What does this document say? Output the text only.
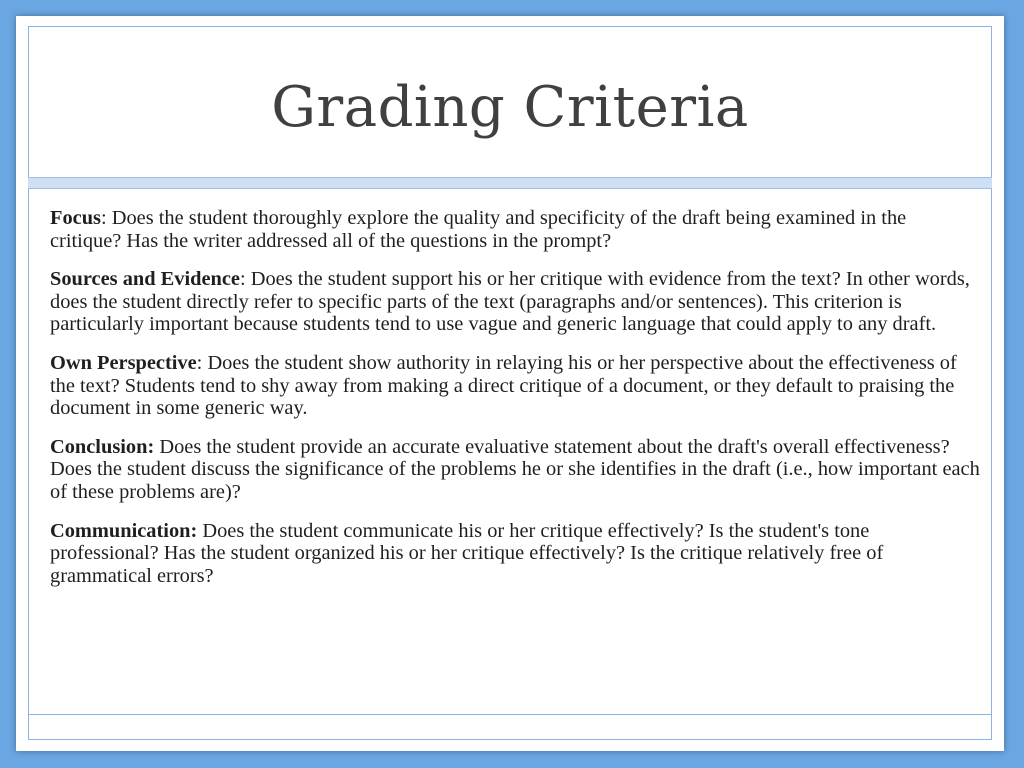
Grading Criteria

Focus: Does the student thoroughly explore the quality and specificity of the draft being examined in the critique? Has the writer addressed all of the questions in the prompt?

Sources and Evidence: Does the student support his or her critique with evidence from the text? In other words, does the student directly refer to specific parts of the text (paragraphs and/or sentences). This criterion is particularly important because students tend to use vague and generic language that could apply to any draft.

Own Perspective: Does the student show authority in relaying his or her perspective about the effectiveness of the text? Students tend to shy away from making a direct critique of a document, or they default to praising the document in some generic way.

Conclusion: Does the student provide an accurate evaluative statement about the draft's overall effectiveness? Does the student discuss the significance of the problems he or she identifies in the draft (i.e., how important each of these problems are)?

Communication: Does the student communicate his or her critique effectively? Is the student's tone professional? Has the student organized his or her critique effectively? Is the critique relatively free of grammatical errors?
